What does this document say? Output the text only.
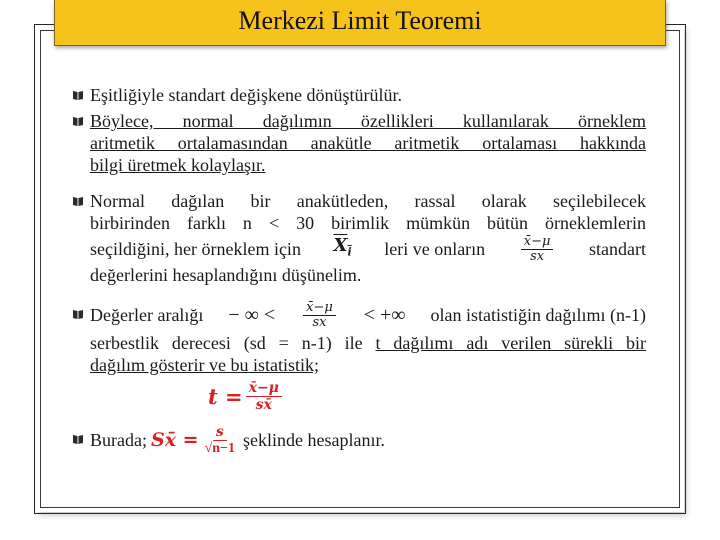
Merkezi Limit Teoremi
Eşitliğiyle standart değişkene dönüştürülür.
Böylece, normal dağılımın özellikleri kullanılarak örneklem
aritmetik ortalamasından anakütle aritmetik ortalaması hakkında
bilgi üretmek kolaylaşır.
Normal dağılan bir anakütleden, rassal olarak seçilebilecek
birbirinden farklı n < 30 birimlik mümkün bütün örneklemlerin
seçildiğini, her örneklem için $X_i$ leri ve onların	$\frac{x̄-\mu}{sx}$ standart
değerlerini hesaplandığını düşünelim.
Değerler aralığı − ∞ < $\frac{x̄-\mu}{sx}$ < +∞ olan istatistiğin dağılımı (n-1)
serbestlik derecesi (sd = n-1) ile t dağılımı adı verilen sürekli bir
dağılım gösterir ve bu istatistik;
$t = \frac{x̄-\mu}{sx̄}$
Burada; Sx̄ = $\frac{s}{√n-1}$ şeklinde hesaplanır.
